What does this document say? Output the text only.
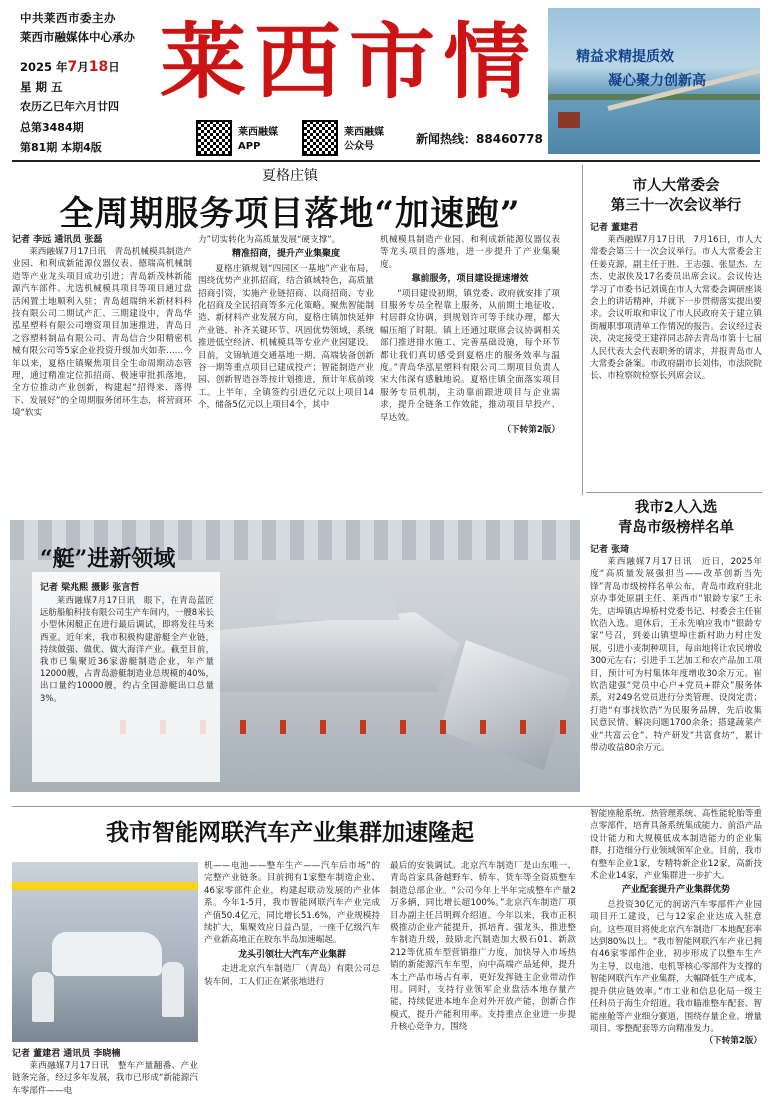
中共莱西市委主办
莱西市融媒体中心承办
2025 年7月18日
星 期 五
农历乙巳年六月廿四
总第3484期
第81期 本期4版
莱西市情
莱西融媒 APP
莱西融媒 公众号
新闻热线：88460778
精益求精提质效
凝心聚力创新高
夏格庄镇
全周期服务项目落地“加速跑”
记者 李远 通讯员 张磊

莱西融媒7月17日讯　青岛机械模具制造产业园、和利成新能源仪器仪表、德瑞高机械制造等产业龙头项目成功引进；青岛新茂林新能源汽车部件、尤选机械模具项目等项目通过盘活闲置土地顺利入驻；青岛超瑞纳米新材料科技有限公司二期试产汇、三期建设中，青岛华泓星塑料有限公司增资项目加速推进，青岛日之容塑料制品有限公司、青岛信合少阳精密机械有限公司等5家企业投资升级加火如荼……今年以来，夏格庄镇聚焦项目全生命周期动态管理，通过精准定位抓招商、极速审批抓落地，全方位推动产业创新，构建起“招得来、落得下、发展好”的全周期服务闭环生态，将营商环境“软实

力”切实转化为高质量发展“硬支撑”。

精准招商，提升产业集聚度

夏格庄镇规划“四园区一基地”产业布局，围绕优势产业抓招商，结合镇域特色，高质量招商引资，实施产业链招商、以商招商、专业化招商及全民招商等多元化策略。聚焦智能制造、新材料产业发展方向，夏格庄镇加快延伸产业链、补齐关键环节、巩固优势领域，系统推进低空经济、机械模具等专业产业园建设。目前，文锦轨道交通基地一期、高端装备创新谷一期等重点项目已建成投产；智能制造产业园、创新智造谷等按计划推进，预计年底前竣工。上半年，全镇签约引进亿元以上项目14个，储备5亿元以上项目4个，其中

机械模具制造产业园、和利成新能源仪器仪表等龙头项目的落地，进一步提升了产业集聚度。

靠前服务，项目建设提速增效

“项目建设初期，镇党委、政府就安排了项目服务专员全程靠上服务，从前期土地征收、村居群众协调，到规划许可等手续办理，都大幅压缩了时限。镇上还通过联席会议协调相关部门推进排水施工、完善基础设施，每个环节都让我们真切感受到夏格庄的服务效率与温度。”青岛华泓星塑料有限公司二期项目负责人宋大伟深有感触地说。夏格庄镇全面落实项目服务专员机制，主动靠前跟进项目与企业需求，提升全链条工作效能，推动项目早投产、早达效。

（下转第2版）
市人大常委会
第三十一次会议举行
记者 董建君

莱西融媒7月17日讯　7月16日，市人大常委会第三十一次会议举行。市人大常委会主任姜克源，副主任于胜、王志强、张显杰、左杰、史淑侠及17名委员出席会议。会议传达学习了市委书记刘谟在市人大常委会调研座谈会上的讲话精神，并就下一步贯彻落实提出要求。会议听取和审议了市人民政府关于建立镇街履职事项清单工作情况的报告。会议经过表决，决定接受王建祥同志辞去青岛市第十七届人民代表大会代表职务的请求，并报青岛市人大常委会备案。市政府副市长刘伟，市法院院长、市检察院检察长列席会议。

我市2人入选
青岛市级榜样名单
记者 张琦

莱西融媒7月17日讯　近日，2025年度“高质量发展强担当——改革创新当先锋”青岛市级榜样名单公布，青岛市政府驻北京办事处原副主任、莱西市“银龄专家”王永先，店埠镇店埠桥村党委书记、村委会主任崔钦浩入选。退休后，王永先响应我市“银龄专家”号召，到姜山镇望埠庄新村助力村庄发展，引进小麦制种项目，每亩地将让农民增收300元左右；引进手工艺加工和农产品加工项目，预计可为村集体年度增收30余万元。崔钦浩建强“党员中心户+党员+群众”服务体系，对249名党员进行分类管理、设岗定责；打造“有事找钦浩”为民服务品牌，先后收集民意民情、解决问题1700余条；搭建蔬菜产业“共富云仓”、特产研发“共富食坊”，累计带动收益80余万元。

“艇”进新领域
记者 梁兆熙 摄影 张言哲

莱西融媒7月17日讯　眼下，在青岛蓝匠远舫船舶科技有限公司生产车间内，一艘8米长小型休闲艇正在进行最后调试，即将发往马来西亚。近年来，我市积极构建游艇全产业链，持续做强、做优、做大海洋产业。截至目前，我市已集聚近36家游艇制造企业，年产量12000艘，占青岛游艇制造业总规模的40%，出口量约10000艘，约占全国游艇出口总量3%。

我市智能网联汽车产业集群加速隆起
记者 董建君 通讯员 李晓楠

莱西融媒7月17日讯　整车产量翻番、产业链条完备，经过多年发展，我市已形成“新能源汽车零部件——电

机——电池——整车生产——汽车后市场”的完整产业链条。目前拥有1家整车制造企业、46家零部件企业，构建起联动发展的产业体系。今年1-5月，我市智能网联汽车产业完成产值50.4亿元，同比增长51.6%，产业规模持续扩大，集聚效应日益凸显，一座千亿级汽车产业新高地正在胶东半岛加速崛起。

龙头引领壮大汽车产业集群

走进北京汽车制造厂（青岛）有限公司总装车间，工人们正在紧张地进行

最后的安装调试。北京汽车制造厂是山东唯一、青岛首家具备越野车、轿车、货车等全资质整车制造总部企业。“公司今年上半年完成整车产量2万多辆，同比增长超100%。”北京汽车制造厂项目办副主任吕明辉介绍道。今年以来，我市正积极推动企业产能提升，抓培育、强龙头，推进整车制造升级，鼓励北汽制造加大极石01、新款212等优质车型营销推广力度，加快导入市场热销的新能源汽车车型，向中高端产品延伸，提升本土产品市场占有率，更好发挥链主企业带动作用。同时，支持行业领军企业盘活本地存量产能，持续促进本地车企对外开放产能，创新合作模式，提升产能利用率。支持重点企业进一步提升核心竞争力，围绕

智能座舱系统、热管理系统、高性能轮胎等重点零部件，培育具备系统集成能力、前沿产品设计能力和大规模低成本制造能力的企业集群，打造细分行业领域领军企业。目前，我市有整车企业1家，专精特新企业12家，高新技术企业14家，产业集群进一步扩大。

产业配套提升产业集群优势

总投资30亿元的润诺汽车零部件产业园项目开工建设，已与12家企业达成入驻意向。这些项目将使北京汽车制造厂本地配套率达到80%以上。“我市智能网联汽车产业已拥有46家零部件企业，初步形成了以整车生产为主导，以电池、电机等核心零部件为支撑的智能网联汽车产业集群，大幅降低生产成本，提升供应链效率。”市工业和信息化局一级主任科员于海生介绍道。我市瞄准整车配套、智能座舱等产业细分赛道，围绕存量企业、增量项目、零整配套等方向精准发力。

（下转第2版）
